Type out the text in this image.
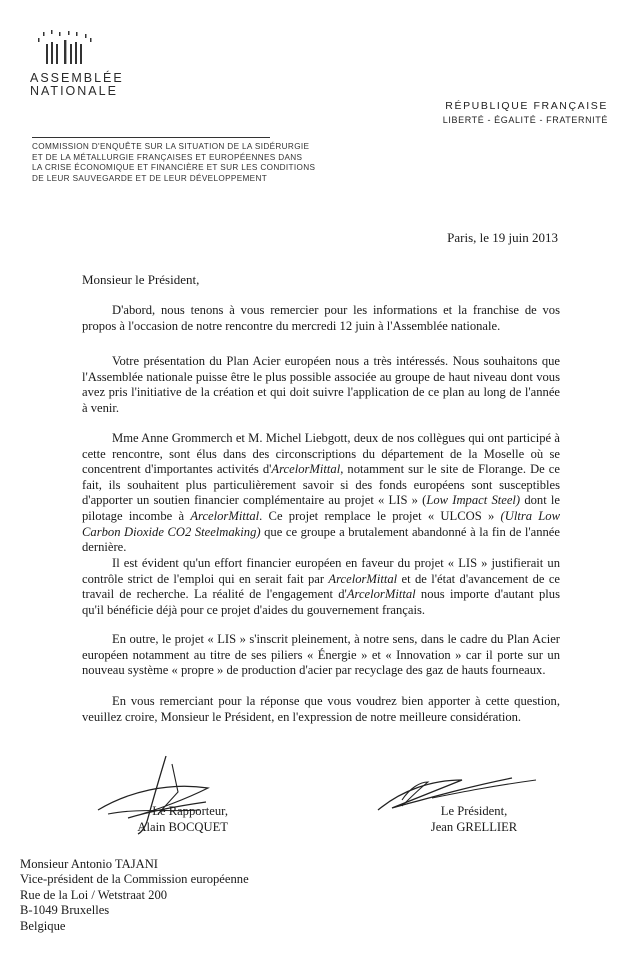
ASSEMBLÉE
NATIONALE
RÉPUBLIQUE FRANÇAISE
LIBERTÉ - ÉGALITÉ - FRATERNITÉ
COMMISSION D'ENQUÊTE SUR LA SITUATION DE LA SIDÉRURGIE
ET DE LA MÉTALLURGIE FRANÇAISES ET EUROPÉENNES DANS
LA CRISE ÉCONOMIQUE ET FINANCIÈRE ET SUR LES CONDITIONS
DE LEUR SAUVEGARDE ET DE LEUR DÉVELOPPEMENT
Paris, le 19 juin 2013
Monsieur le Président,

D'abord, nous tenons à vous remercier pour les informations et la franchise de vos propos à l'occasion de notre rencontre du mercredi 12 juin à l'Assemblée nationale.

Votre présentation du Plan Acier européen nous a très intéressés. Nous souhaitons que l'Assemblée nationale puisse être le plus possible associée au groupe de haut niveau dont vous avez pris l'initiative de la création et qui doit suivre l'application de ce plan au long de l'année à venir.

Mme Anne Grommerch et M. Michel Liebgott, deux de nos collègues qui ont participé à cette rencontre, sont élus dans des circonscriptions du département de la Moselle où se concentrent d'importantes activités d'ArcelorMittal, notamment sur le site de Florange. De ce fait, ils souhaitent plus particulièrement savoir si des fonds européens sont susceptibles d'apporter un soutien financier complémentaire au projet « LIS » (Low Impact Steel) dont le pilotage incombe à ArcelorMittal. Ce projet remplace le projet « ULCOS » (Ultra Low Carbon Dioxide CO2 Steelmaking) que ce groupe a brutalement abandonné à la fin de l'année dernière.

Il est évident qu'un effort financier européen en faveur du projet « LIS » justifierait un contrôle strict de l'emploi qui en serait fait par ArcelorMittal et de l'état d'avancement de ce travail de recherche. La réalité de l'engagement d'ArcelorMittal nous importe d'autant plus qu'il bénéficie déjà pour ce projet d'aides du gouvernement français.

En outre, le projet « LIS » s'inscrit pleinement, à notre sens, dans le cadre du Plan Acier européen notamment au titre de ses piliers « Énergie » et « Innovation » car il porte sur un nouveau système « propre » de production d'acier par recyclage des gaz de hauts fourneaux.

En vous remerciant pour la réponse que vous voudrez bien apporter à cette question, veuillez croire, Monsieur le Président, en l'expression de notre meilleure considération.

Le Rapporteur,
Alain BOCQUET
Le Président,
Jean GRELLIER
Monsieur Antonio TAJANI
Vice-président de la Commission européenne
Rue de la Loi / Wetstraat 200
B-1049 Bruxelles
Belgique
